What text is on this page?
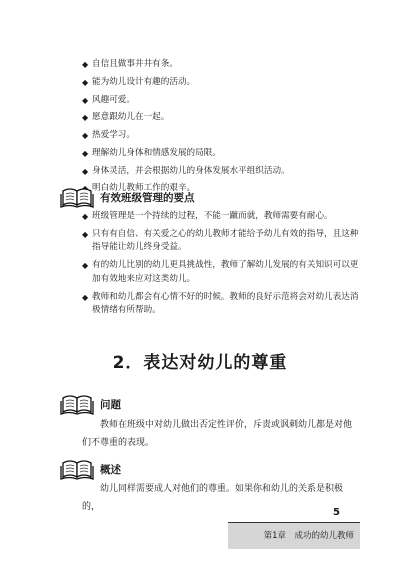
◆ 自信且做事井井有条。
◆ 能为幼儿设计有趣的活动。
◆ 风趣可爱。
◆ 愿意跟幼儿在一起。
◆ 热爱学习。
◆ 理解幼儿身体和情感发展的局限。
◆ 身体灵活，并会根据幼儿的身体发展水平组织活动。
明白幼儿教师工作的艰辛。
有效班级管理的要点
◆ 班级管理是一个持续的过程，不能一蹴而就，教师需要有耐心。
◆ 只有有自信、有关爱之心的幼儿教师才能给予幼儿有效的指导，且这种指导能让幼儿终身受益。
◆ 有的幼儿比别的幼儿更具挑战性，教师了解幼儿发展的有关知识可以更加有效地来应对这类幼儿。
◆ 教师和幼儿都会有心情不好的时候。教师的良好示范将会对幼儿表达消极情绪有所帮助。
2．表达对幼儿的尊重
问题
教师在班级中对幼儿做出否定性评价，斥责或讽刺幼儿都是对他们不尊重的表现。
概述
幼儿同样需要成人对他们的尊重。如果你和幼儿的关系是积极的，	5
第1章　成功的幼儿教师
